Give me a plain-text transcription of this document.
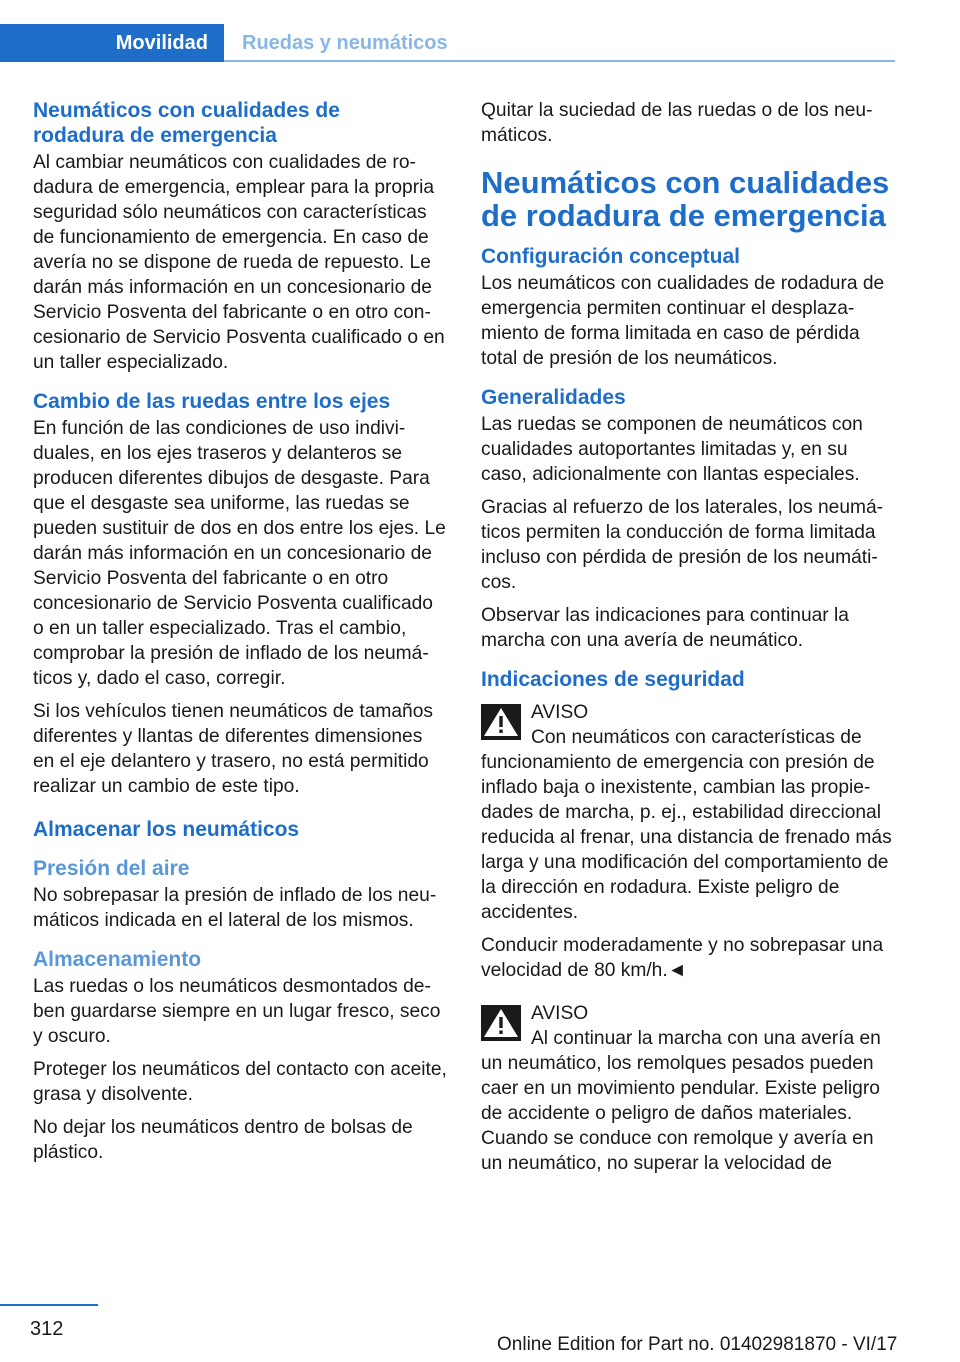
Movilidad	Ruedas y neumáticos
Neumáticos con cualidades de
rodadura de emergencia

Al cambiar neumáticos con cualidades de rodadura de emergencia, emplear para la propria seguridad sólo neumáticos con características de funcionamiento de emergencia. En caso de avería no se dispone de rueda de repuesto. Le darán más información en un concesionario de Servicio Posventa del fabricante o en otro concesionario de Servicio Posventa cualificado o en un taller especializado.

Cambio de las ruedas entre los ejes

En función de las condiciones de uso individuales, en los ejes traseros y delanteros se producen diferentes dibujos de desgaste. Para que el desgaste sea uniforme, las ruedas se pueden sustituir de dos en dos entre los ejes. Le darán más información en un concesionario de Servicio Posventa del fabricante o en otro concesionario de Servicio Posventa cualificado o en un taller especializado. Tras el cambio, comprobar la presión de inflado de los neumáticos y, dado el caso, corregir.

Si los vehículos tienen neumáticos de tamaños diferentes y llantas de diferentes dimensiones en el eje delantero y trasero, no está permitido realizar un cambio de este tipo.

Almacenar los neumáticos
Presión del aire

No sobrepasar la presión de inflado de los neumáticos indicada en el lateral de los mismos.

Almacenamiento

Las ruedas o los neumáticos desmontados deben guardarse siempre en un lugar fresco, seco y oscuro.

Proteger los neumáticos del contacto con aceite, grasa y disolvente.

No dejar los neumáticos dentro de bolsas de plástico.

Quitar la suciedad de las ruedas o de los neumáticos.

Neumáticos con cualidades de rodadura de emergencia
Configuración conceptual

Los neumáticos con cualidades de rodadura de emergencia permiten continuar el desplazamiento de forma limitada en caso de pérdida total de presión de los neumáticos.

Generalidades

Las ruedas se componen de neumáticos con cualidades autoportantes limitadas y, en su caso, adicionalmente con llantas especiales.

Gracias al refuerzo de los laterales, los neumáticos permiten la conducción de forma limitada incluso con pérdida de presión de los neumáticos.

Observar las indicaciones para continuar la marcha con una avería de neumático.

Indicaciones de seguridad
AVISO
Con neumáticos con características de

funcionamiento de emergencia con presión de inflado baja o inexistente, cambian las propiedades de marcha, p. ej., estabilidad direccional reducida al frenar, una distancia de frenado más larga y una modificación del comportamiento de la dirección en rodadura. Existe peligro de accidentes.

Conducir moderadamente y no sobrepasar una velocidad de 80 km/h.◄

AVISO
Al continuar la marcha con una avería en

un neumático, los remolques pesados pueden caer en un movimiento pendular. Existe peligro de accidente o peligro de daños materiales. Cuando se conduce con remolque y avería en un neumático, no superar la velocidad de

312
Online Edition for Part no. 01402981870 - VI/17
